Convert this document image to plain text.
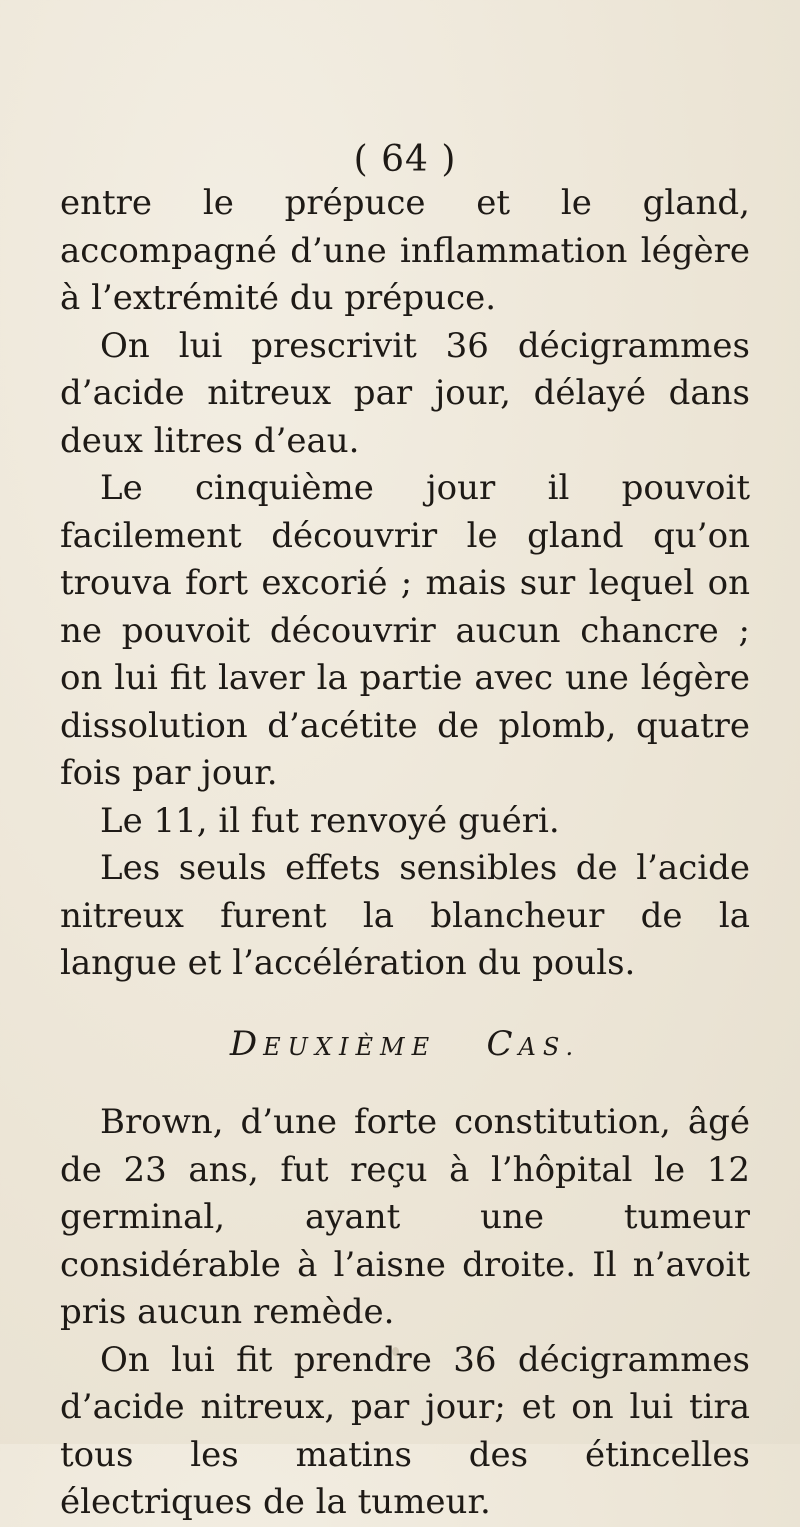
( 64 )

entre le prépuce et le gland, accompagné d’une inflammation légère à l’extrémité du prépuce.

On lui prescrivit 36 décigrammes d’acide nitreux par jour, délayé dans deux litres d’eau.

Le cinquième jour il pouvoit facilement découvrir le gland qu’on trouva fort excorié ; mais sur lequel on ne pouvoit découvrir aucun chancre ; on lui fit laver la partie avec une légère dissolution d’acétite de plomb, quatre fois par jour.

Le 11, il fut renvoyé guéri.

Les seuls effets sensibles de l’acide nitreux furent la blancheur de la langue et l’accélération du pouls.

DEUXIÈME CAS.

Brown, d’une forte constitution, âgé de 23 ans, fut reçu à l’hôpital le 12 germinal, ayant une tumeur considérable à l’aisne droite. Il n’avoit pris aucun remède.

On lui fit prendre 36 décigrammes d’acide nitreux, par jour; et on lui tira tous les matins des étincelles électriques de la tumeur.
